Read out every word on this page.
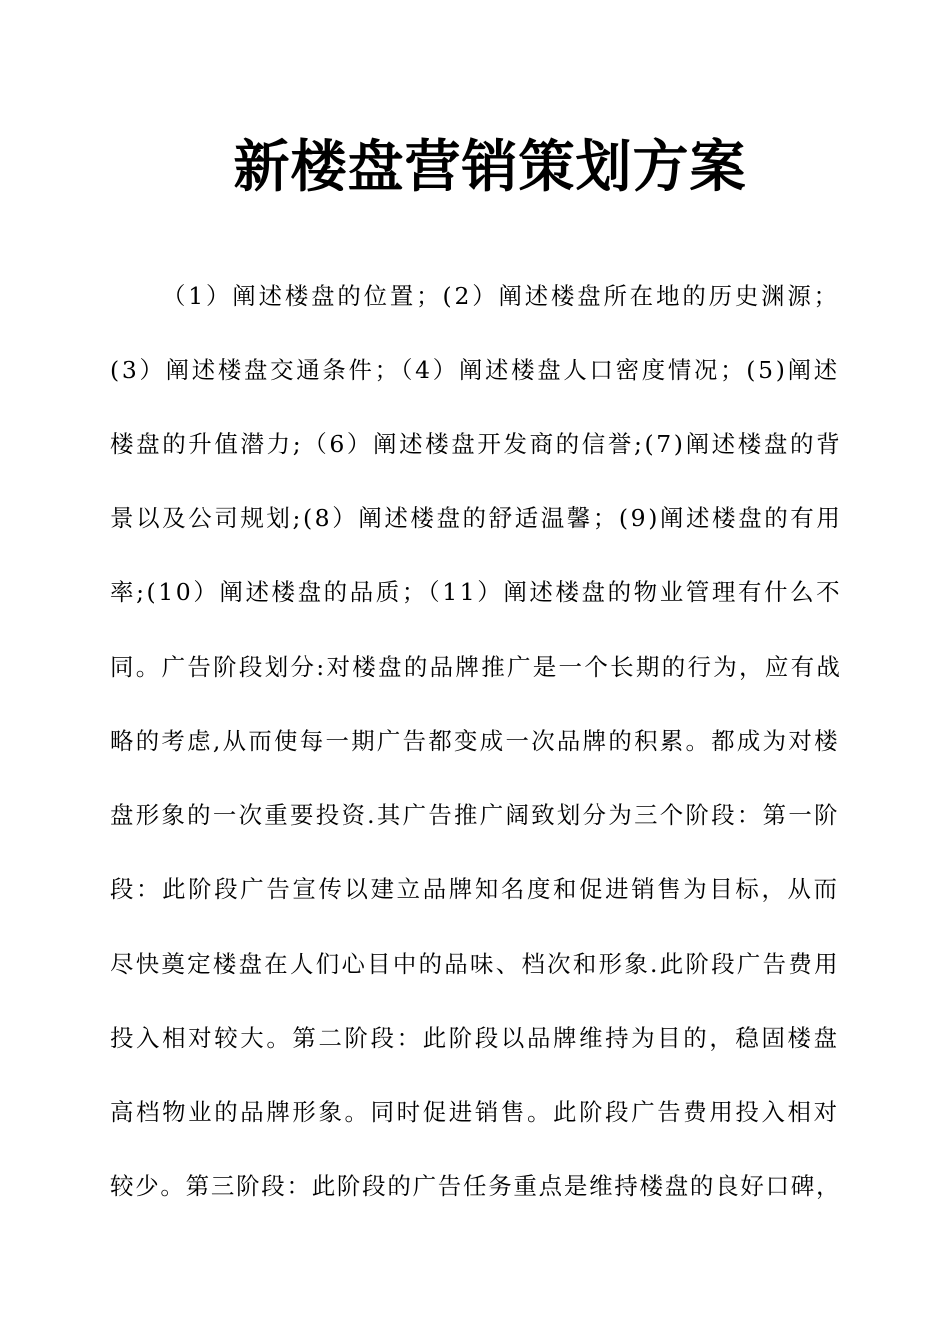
新楼盘营销策划方案
（1）阐述楼盘的位置；(2）阐述楼盘所在地的历史渊源；
(3）阐述楼盘交通条件；（4）阐述楼盘人口密度情况；(5)阐述
楼盘的升值潜力;（6）阐述楼盘开发商的信誉;(7)阐述楼盘的背
景以及公司规划;(8）阐述楼盘的舒适温馨；(9)阐述楼盘的有用
率;(10）阐述楼盘的品质；（11）阐述楼盘的物业管理有什么不
同。广告阶段划分:对楼盘的品牌推广是一个长期的行为，应有战
略的考虑,从而使每一期广告都变成一次品牌的积累。都成为对楼
盘形象的一次重要投资.其广告推广阔致划分为三个阶段：第一阶
段：此阶段广告宣传以建立品牌知名度和促进销售为目标，从而
尽快奠定楼盘在人们心目中的品味、档次和形象.此阶段广告费用
投入相对较大。第二阶段：此阶段以品牌维持为目的，稳固楼盘
高档物业的品牌形象。同时促进销售。此阶段广告费用投入相对
较少。第三阶段：此阶段的广告任务重点是维持楼盘的良好口碑，
